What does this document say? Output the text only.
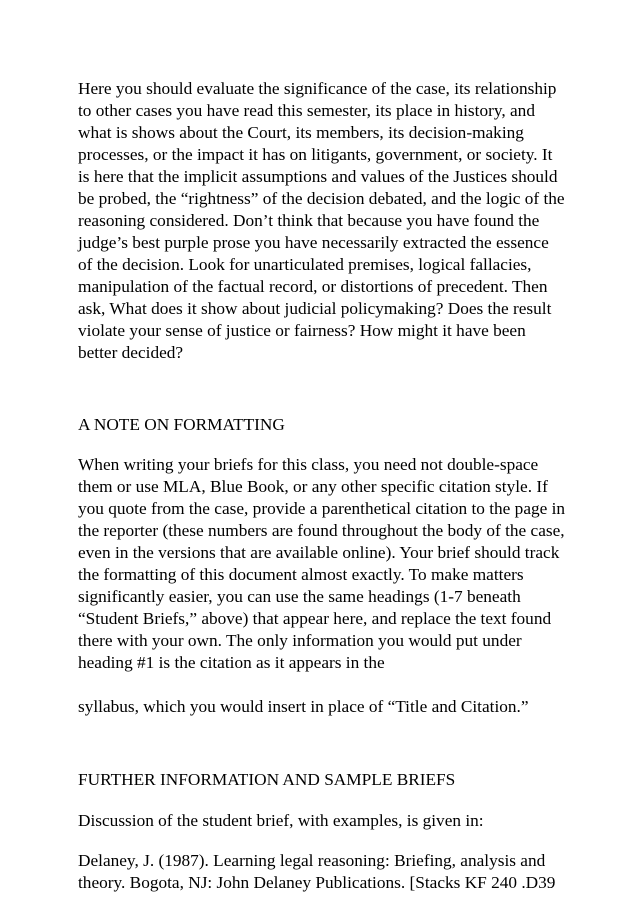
Here you should evaluate the significance of the case, its relationship

to other cases you have read this semester, its place in history, and

what is shows about the Court, its members, its decision-making

processes, or the impact it has on litigants, government, or society. It

is here that the implicit assumptions and values of the Justices should

be probed, the “rightness” of the decision debated, and the logic of the

reasoning considered. Don’t think that because you have found the

judge’s best purple prose you have necessarily extracted the essence

of the decision. Look for unarticulated premises, logical fallacies,

manipulation of the factual record, or distortions of precedent. Then

ask, What does it show about judicial policymaking? Does the result

violate your sense of justice or fairness? How might it have been

better decided?

A NOTE ON FORMATTING

When writing your briefs for this class, you need not double-space

them or use MLA, Blue Book, or any other specific citation style. If

you quote from the case, provide a parenthetical citation to the page in

the reporter (these numbers are found throughout the body of the case,

even in the versions that are available online). Your brief should track

the formatting of this document almost exactly. To make matters

significantly easier, you can use the same headings (1-7 beneath

“Student Briefs,” above) that appear here, and replace the text found

there with your own. The only information you would put under

heading #1 is the citation as it appears in the

syllabus, which you would insert in place of “Title and Citation.”

FURTHER INFORMATION AND SAMPLE BRIEFS

Discussion of the student brief, with examples, is given in:

Delaney, J. (1987). Learning legal reasoning: Briefing, analysis and

theory. Bogota, NJ: John Delaney Publications. [Stacks KF 240 .D39
